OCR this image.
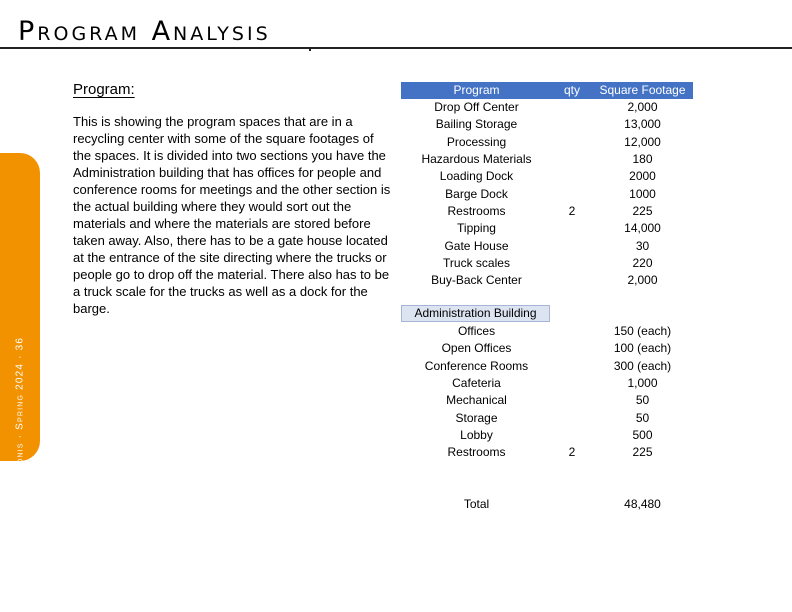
Program Analysis
ARC 621 · Danielle Bonis · Spring 2024 · 36
Program:

This is showing the program spaces that are in a recycling center with some of the square footages of the spaces. It is divided into two sections you have the Administration building that has offices for people and conference rooms for meetings and the other section is the actual building where they would sort out the materials and where the materials are stored before taken away. Also, there has to be a gate house located at the entrance of the site directing where the trucks or people go to drop off the material. There also has to be a truck scale for the trucks as well as a dock for the barge.

Program	qty	Square Footage
Drop Off Center	2,000
Bailing Storage	13,000
Processing	12,000
Hazardous Materials	180
Loading Dock	2000
Barge Dock	1000
Restrooms	2	225
Tipping	14,000
Gate House	30
Truck scales	220
Buy-Back Center	2,000
Administration Building
Offices	150 (each)
Open Offices	100 (each)
Conference Rooms	300 (each)
Cafeteria	1,000
Mechanical	50
Storage	50
Lobby	500
Restrooms	2	225
Total	48,480
